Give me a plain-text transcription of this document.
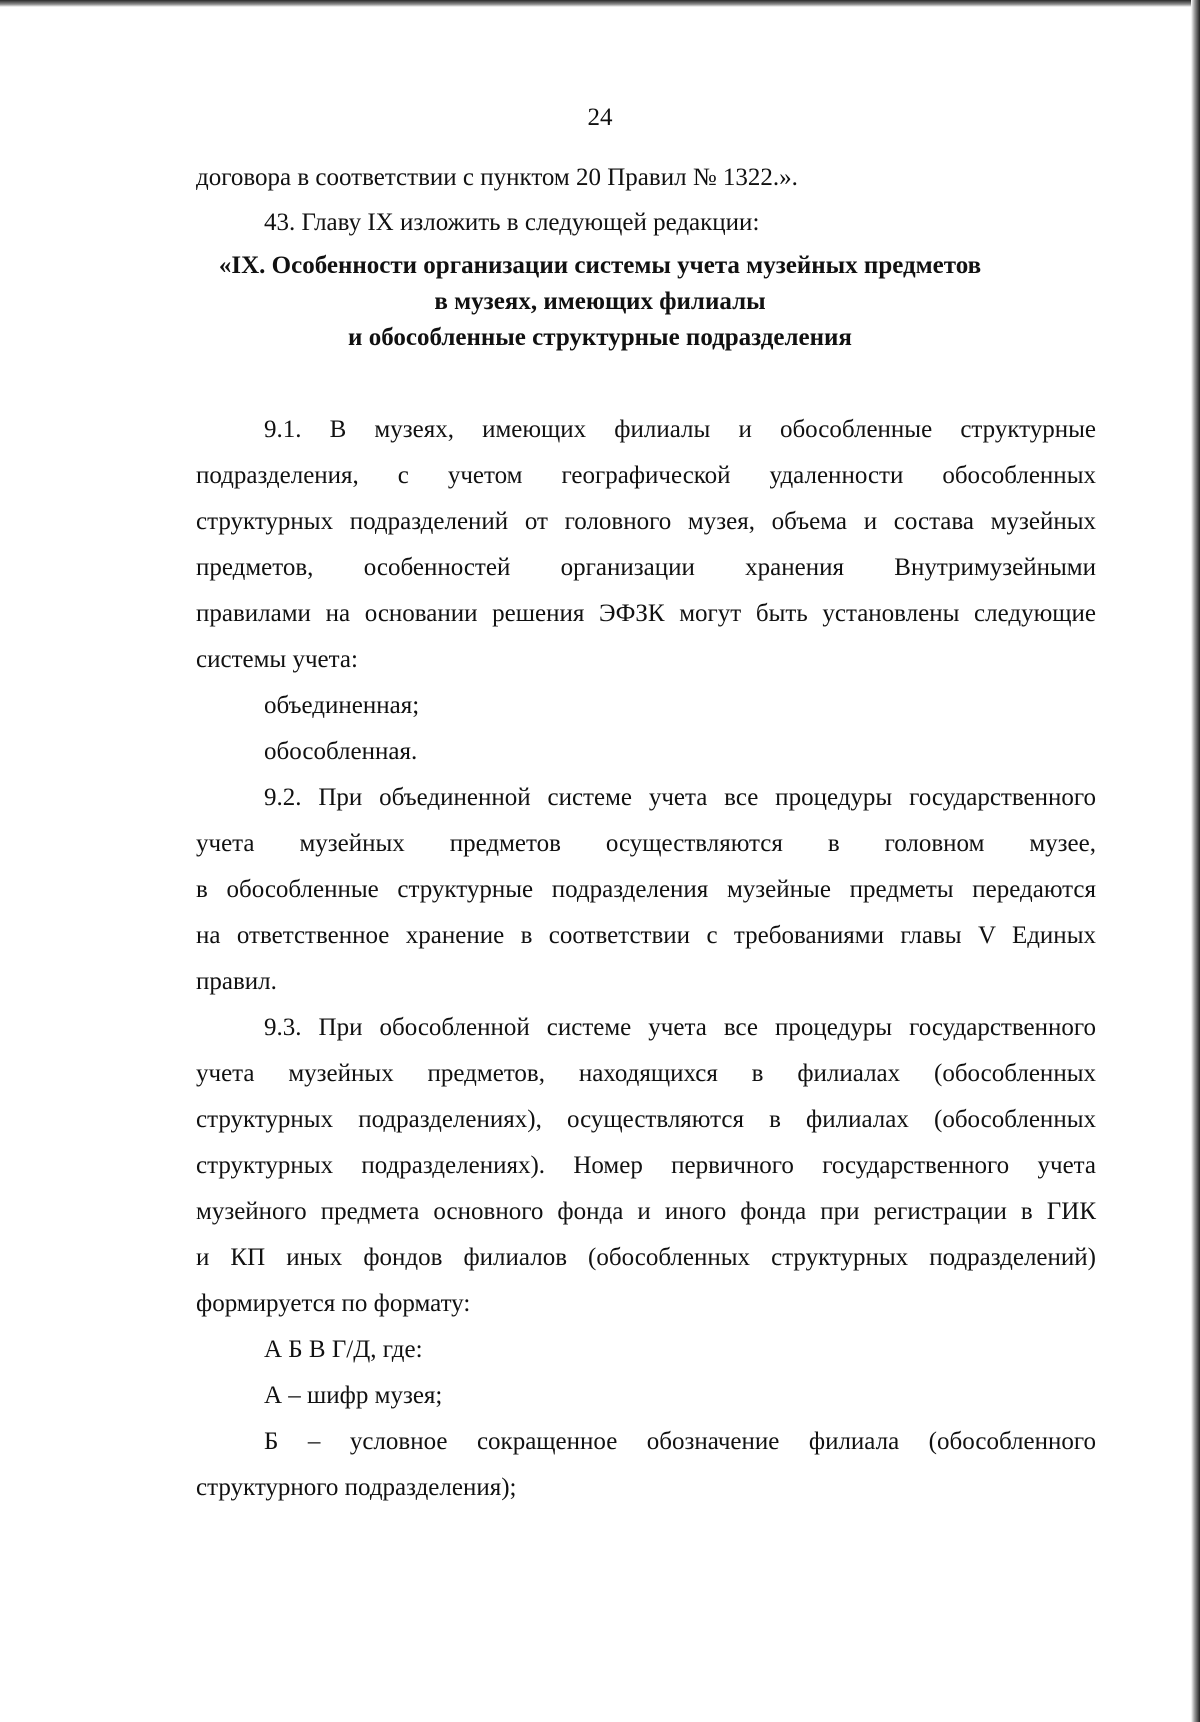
24
договора в соответствии с пунктом 20 Правил № 1322.».
43. Главу IX изложить в следующей редакции:
«IX. Особенности организации системы учета музейных предметов
в музеях, имеющих филиалы
и обособленные структурные подразделения
9.1. В музеях, имеющих филиалы и обособленные структурные
подразделения, с учетом географической удаленности обособленных
структурных подразделений от головного музея, объема и состава музейных
предметов, особенностей организации хранения Внутримузейными
правилами на основании решения ЭФЗК могут быть установлены следующие
системы учета:
объединенная;
обособленная.
9.2. При объединенной системе учета все процедуры государственного
учета музейных предметов осуществляются в головном музее,
в обособленные структурные подразделения музейные предметы передаются
на ответственное хранение в соответствии с требованиями главы V Единых
правил.
9.3. При обособленной системе учета все процедуры государственного
учета музейных предметов, находящихся в филиалах (обособленных
структурных подразделениях), осуществляются в филиалах (обособленных
структурных подразделениях). Номер первичного государственного учета
музейного предмета основного фонда и иного фонда при регистрации в ГИК
и КП иных фондов филиалов (обособленных структурных подразделений)
формируется по формату:
А Б В Г/Д, где:
А – шифр музея;
Б – условное сокращенное обозначение филиала (обособленного
структурного подразделения);
